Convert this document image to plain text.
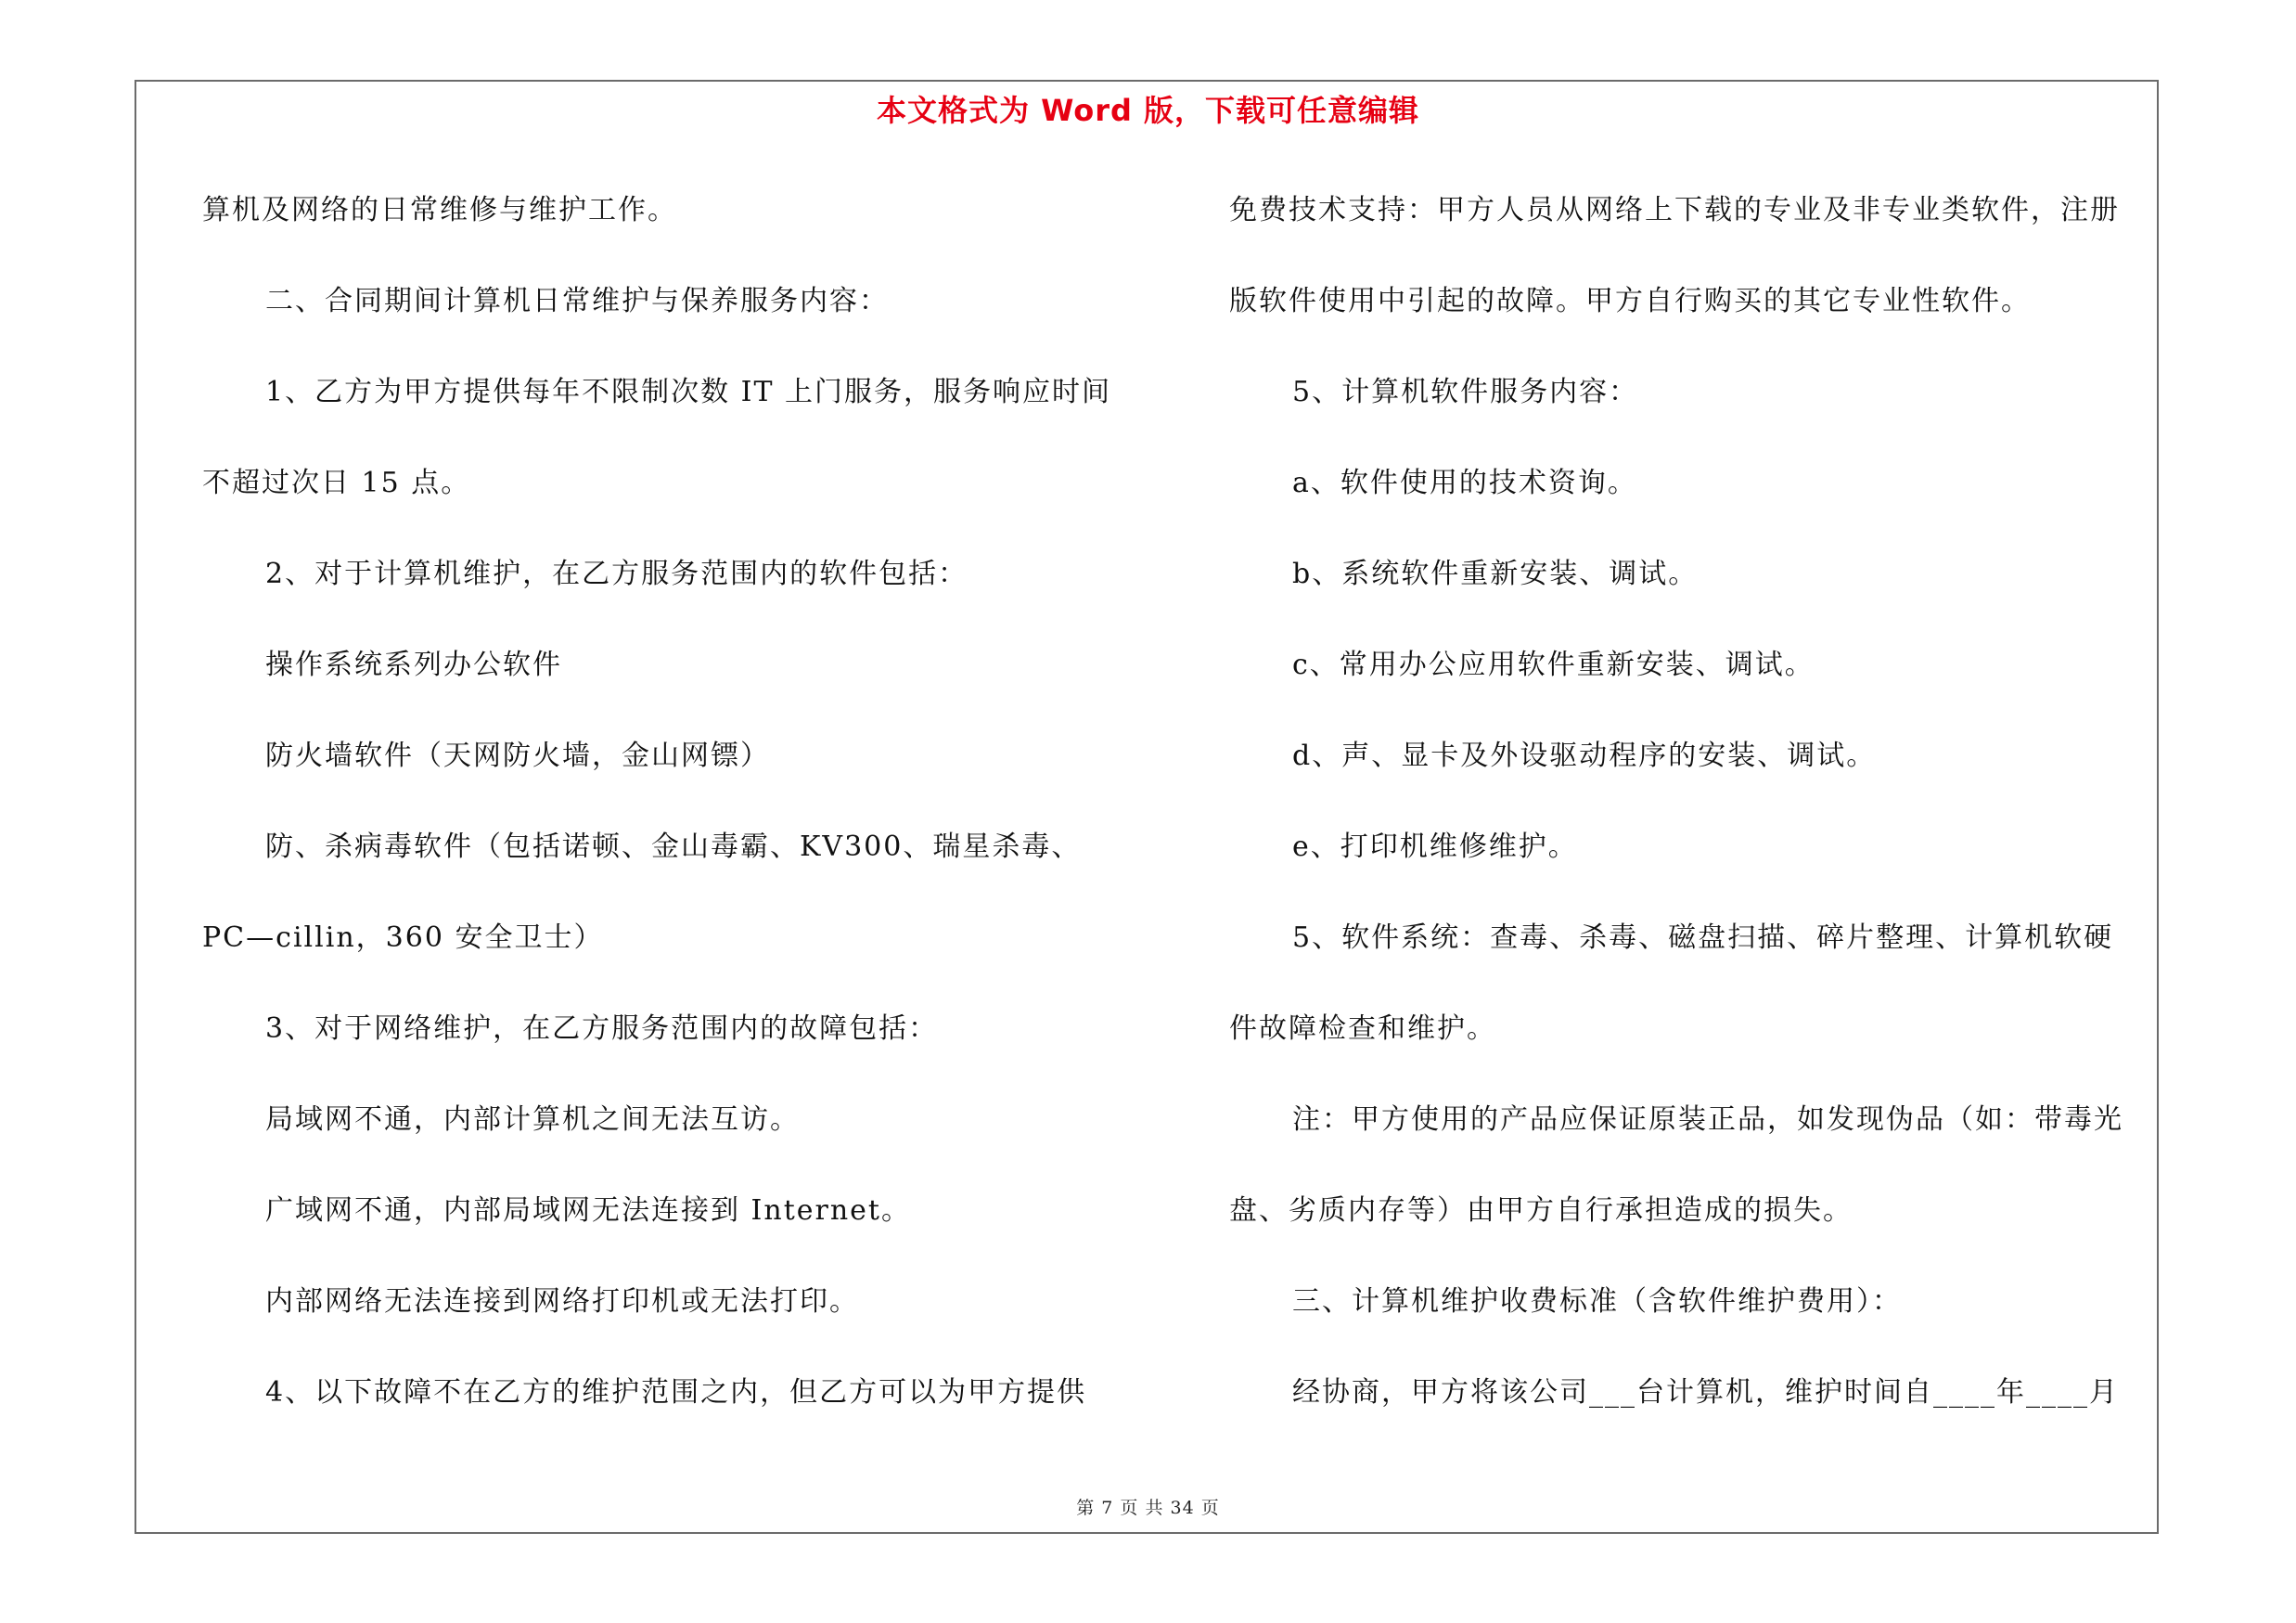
本文格式为 Word 版，下载可任意编辑
算机及网络的日常维修与维护工作。
二、合同期间计算机日常维护与保养服务内容：
1、乙方为甲方提供每年不限制次数 IT 上门服务，服务响应时间
不超过次日 15 点。
2、对于计算机维护，在乙方服务范围内的软件包括：
操作系统系列办公软件
防火墙软件（天网防火墙，金山网镖）
防、杀病毒软件（包括诺顿、金山毒霸、KV300、瑞星杀毒、
PC—cillin，360 安全卫士）
3、对于网络维护，在乙方服务范围内的故障包括：
局域网不通，内部计算机之间无法互访。
广域网不通，内部局域网无法连接到 Internet。
内部网络无法连接到网络打印机或无法打印。
4、以下故障不在乙方的维护范围之内，但乙方可以为甲方提供
免费技术支持：甲方人员从网络上下载的专业及非专业类软件，注册
版软件使用中引起的故障。甲方自行购买的其它专业性软件。
5、计算机软件服务内容：
a、软件使用的技术资询。
b、系统软件重新安装、调试。
c、常用办公应用软件重新安装、调试。
d、声、显卡及外设驱动程序的安装、调试。
e、打印机维修维护。
5、软件系统：查毒、杀毒、磁盘扫描、碎片整理、计算机软硬
件故障检查和维护。
注：甲方使用的产品应保证原装正品，如发现伪品（如：带毒光
盘、劣质内存等）由甲方自行承担造成的损失。
三、计算机维护收费标准（含软件维护费用）：
经协商，甲方将该公司___台计算机，维护时间自____年____月
第 7 页 共 34 页
